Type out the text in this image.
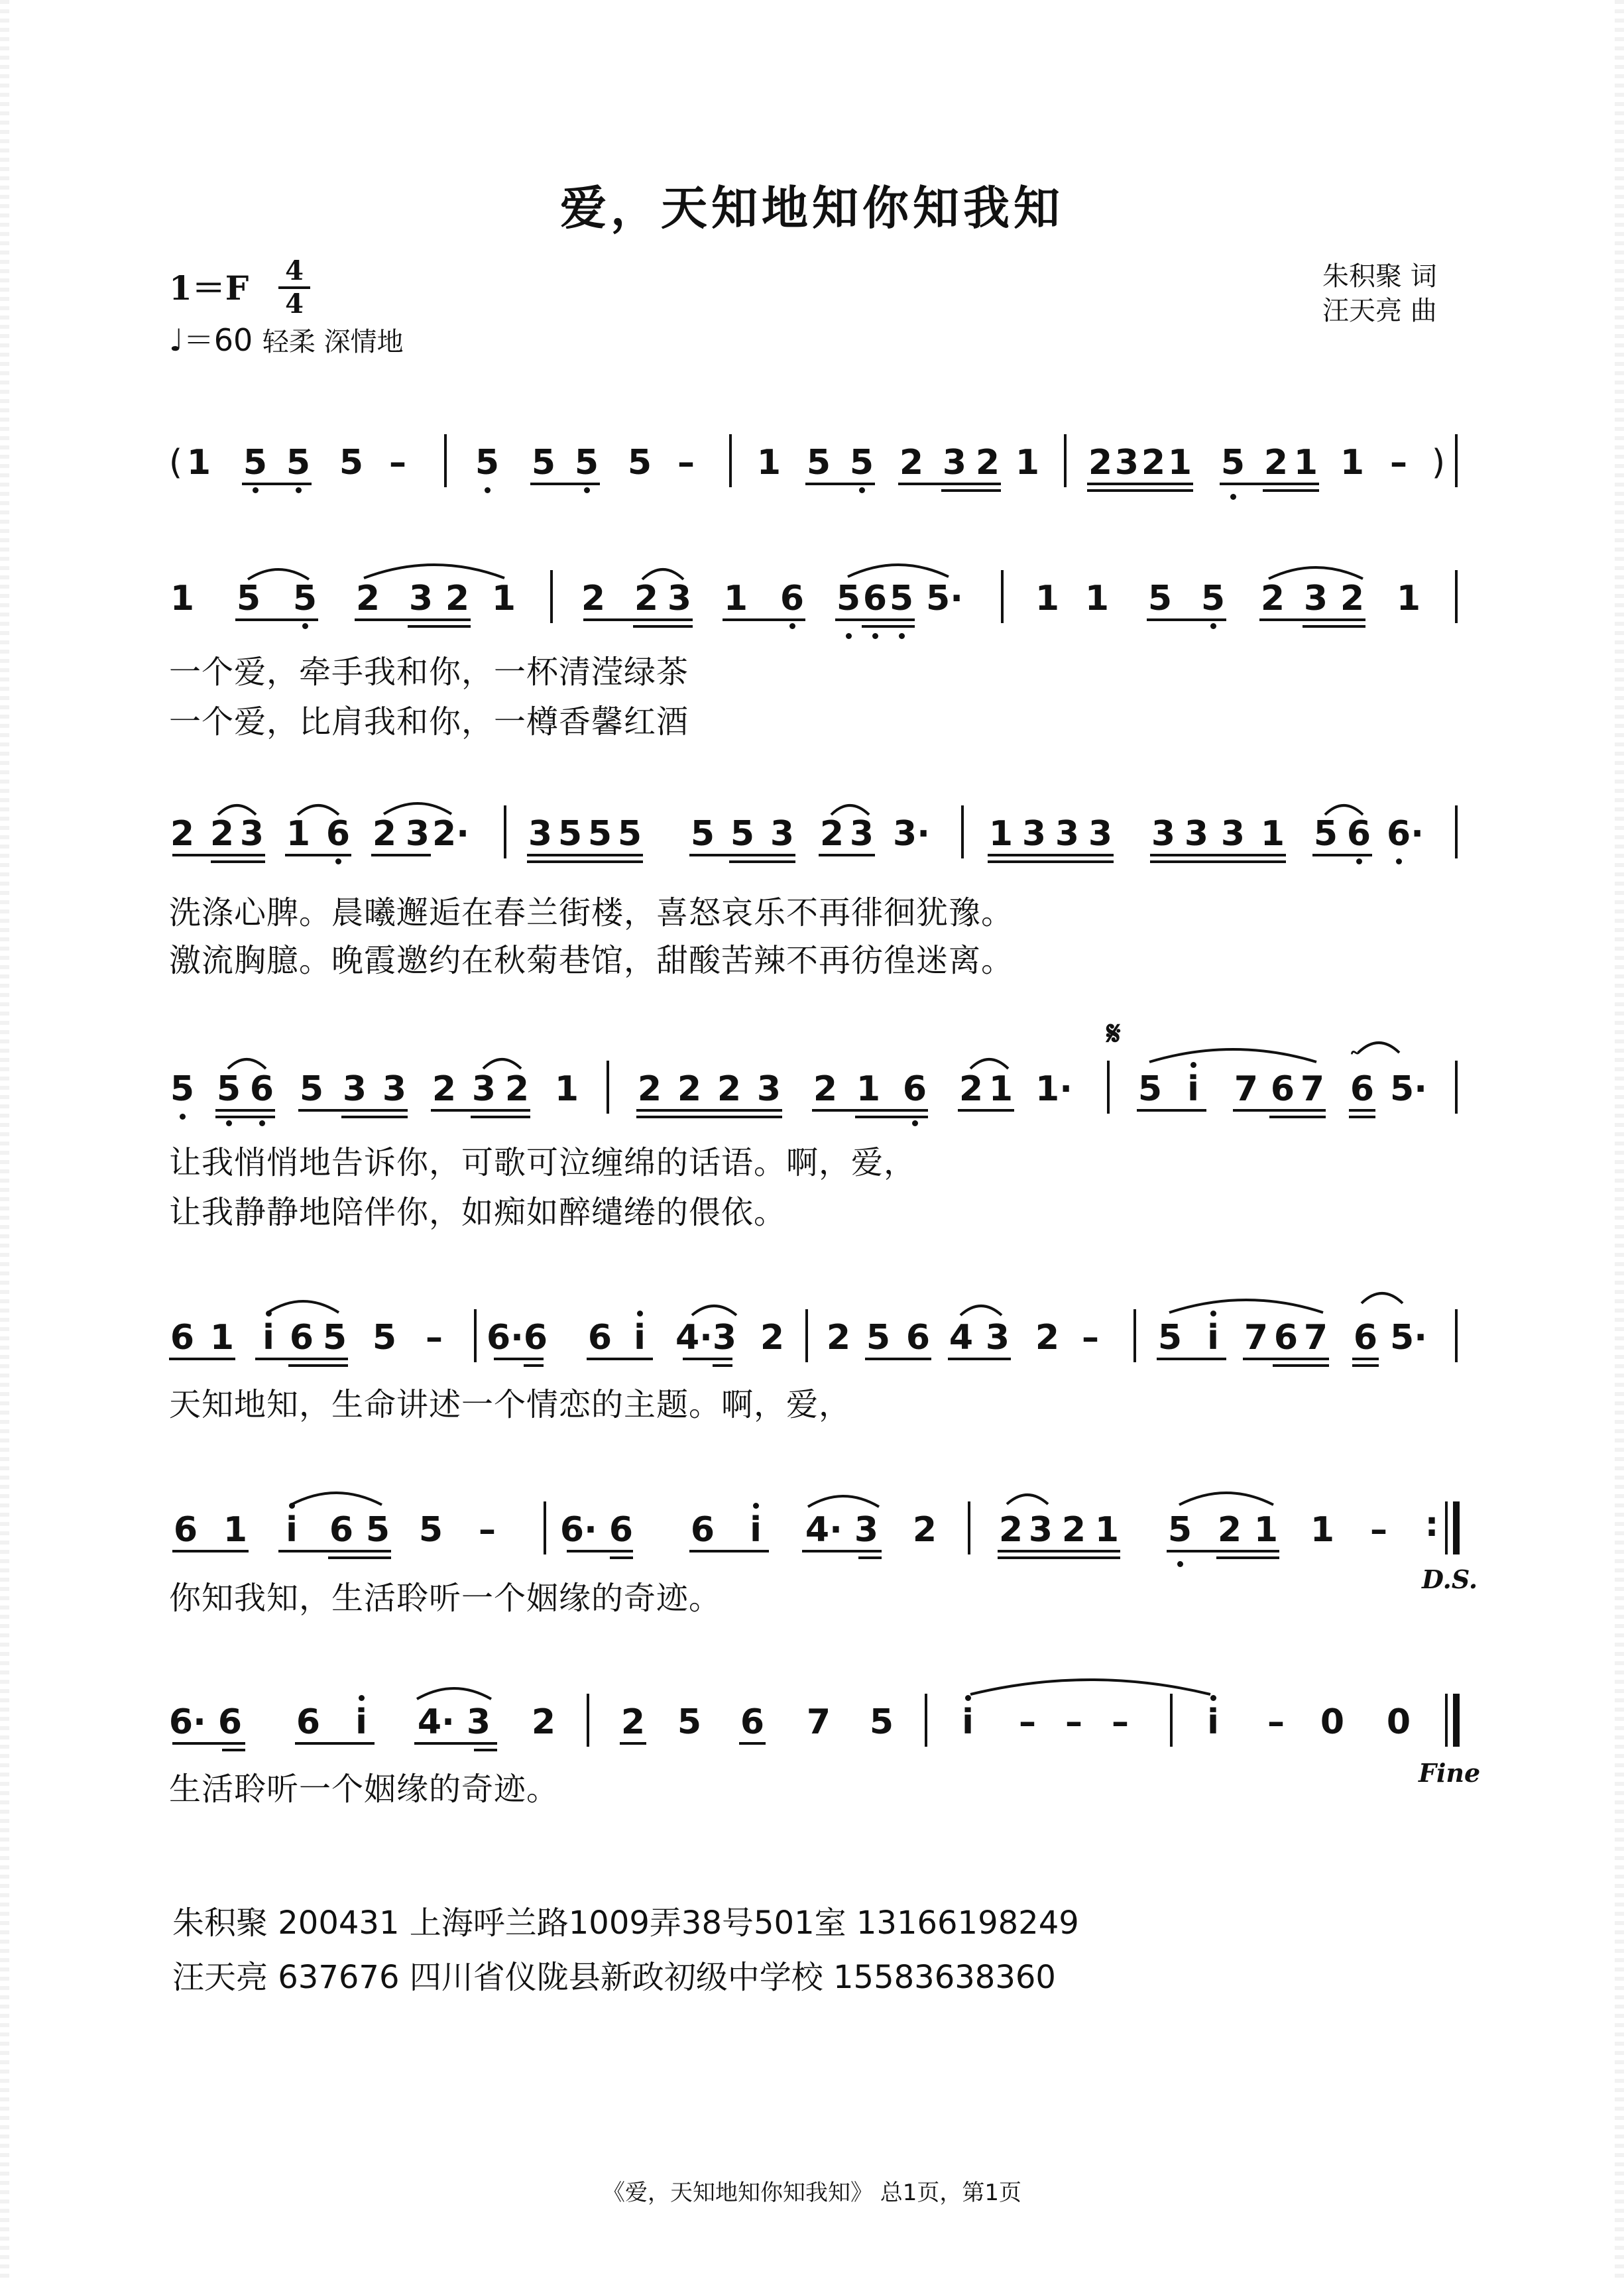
爱，天知地知你知我知
1＝F 4
4
♩＝60 轻柔 深情地
朱积聚 词
汪天亮 曲
( 1 5 5 5 – 5 5 5 5 – 1 5 5 2 3 2 1 2 3 2 1 5 2 1 1 – )
1 5 5 2 3 2 1 2 2 3 1 6 5 6 5 5· 1 1 5 5 2 3 2 1
一个爱，牵手我和你，一杯清滢绿茶
一个爱，比肩我和你，一樽香馨红酒
2 2 3 1 6 2 3 2· 3 5 5 5 5 5 3 2 3 3· 1 3 3 3 3 3 3 1 5 6 6·
洗涤心脾。晨曦邂逅在春兰街楼，喜怒哀乐不再徘徊犹豫。
激流胸臆。晚霞邀约在秋菊巷馆，甜酸苦辣不再彷徨迷离。
5 5 6 5 3 3 2 3 2 1 2 2 2 3 2 1 6 2 1 1·
𝄋
5 i 7 6 7 6 5·
让我悄悄地告诉你，可歌可泣缠绵的话语。啊，爱，
让我静静地陪伴你，如痴如醉缱绻的偎依。
6 1 i 6 5 5 – 6·6 6 i 4·3 2 2 5 6 4 3 2 – 5 i 7 6 7 6 5·
天知地知，生命讲述一个情恋的主题。啊，爱，
6 1 i 6 5 5 – 6· 6 6 i 4· 3 2 2 3 2 1 5 2 1 1 – :
你知我知，生活聆听一个姻缘的奇迹。
D.S.
6· 6 6 i 4· 3 2 2 5 6 7 5 i – – – i – 0 0
生活聆听一个姻缘的奇迹。	Fine
朱积聚 200431 上海呼兰路1009弄38号501室 13166198249
汪天亮 637676 四川省仪陇县新政初级中学校 15583638360
《爱，天知地知你知我知》 总1页，第1页
